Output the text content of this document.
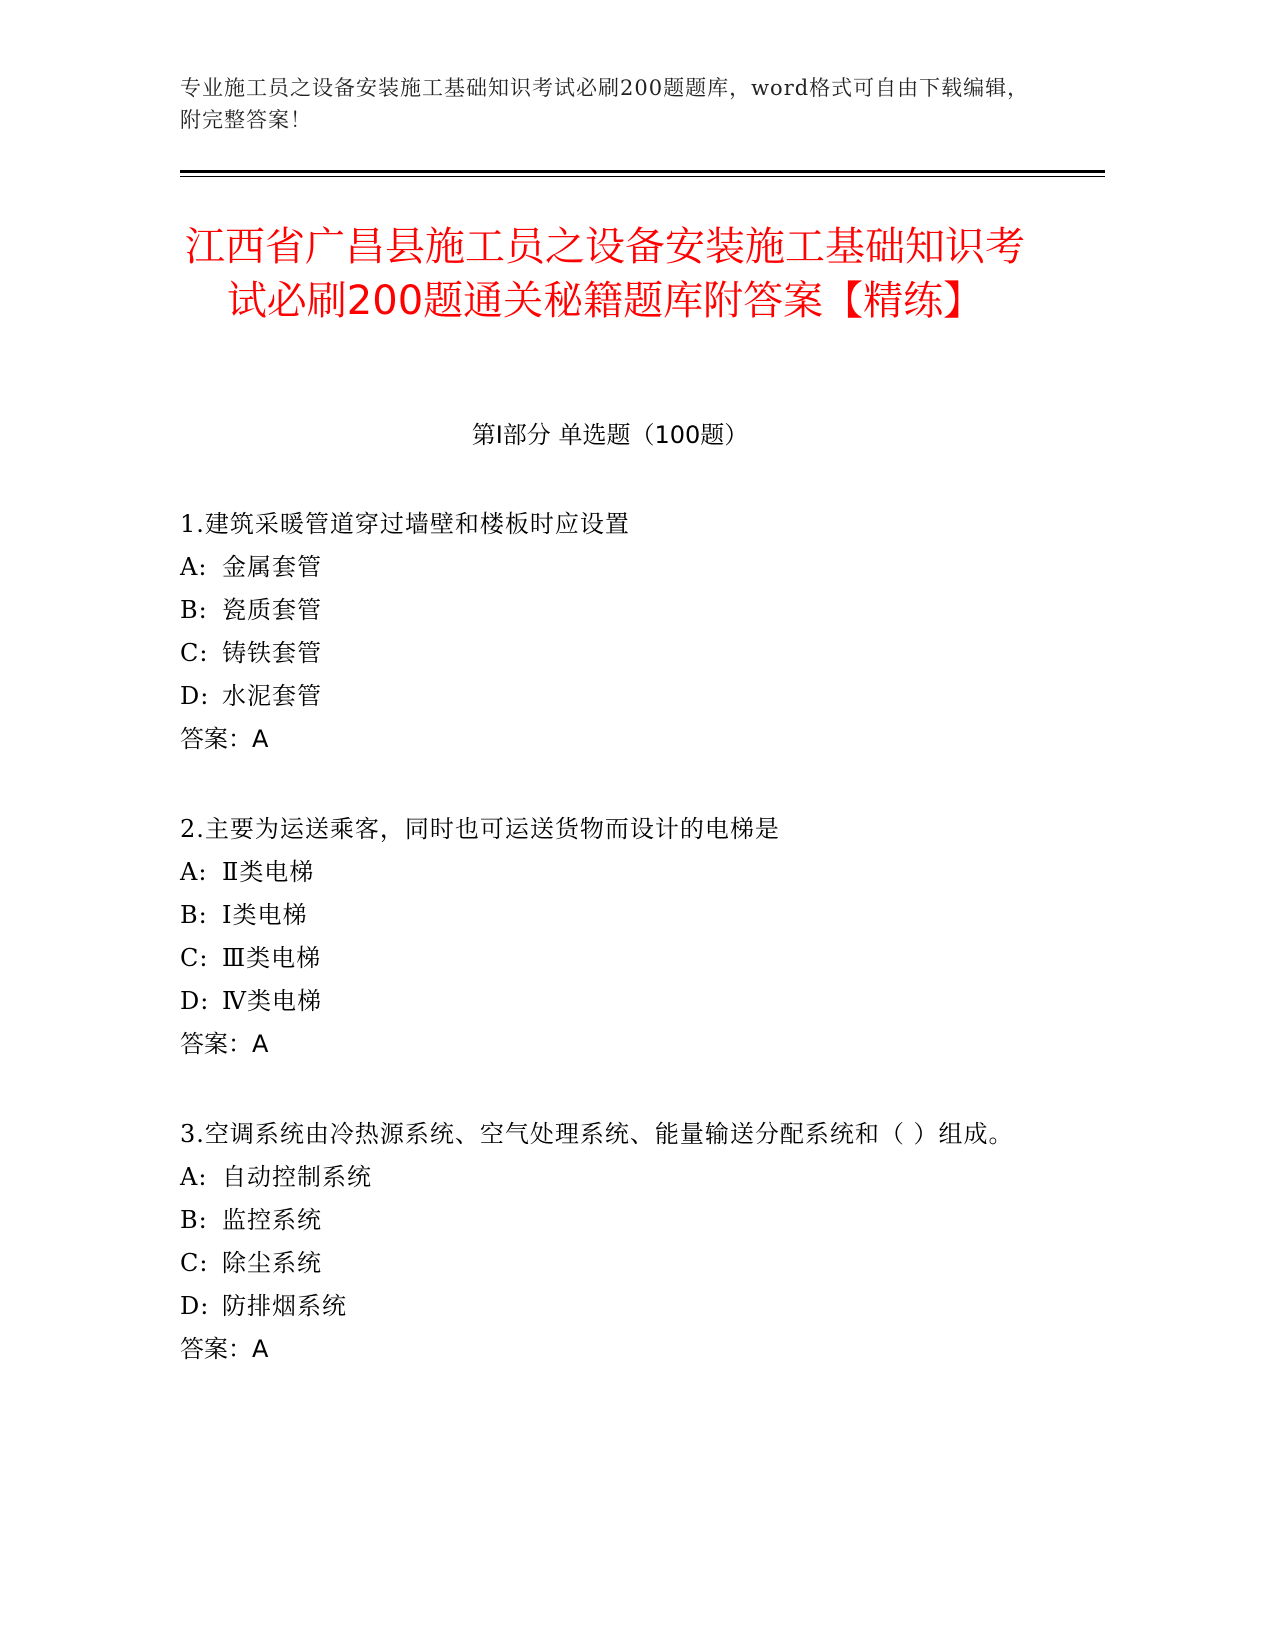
专业施工员之设备安装施工基础知识考试必刷200题题库，word格式可自由下载编辑，附完整答案！
江西省广昌县施工员之设备安装施工基础知识考试必刷200题通关秘籍题库附答案【精练】
第Ⅰ部分 单选题（100题）

1.建筑采暖管道穿过墙壁和楼板时应设置

A: 金属套管

B: 瓷质套管

C: 铸铁套管

D: 水泥套管

答案：A

2.主要为运送乘客，同时也可运送货物而设计的电梯是

A: Ⅱ类电梯

B: Ⅰ类电梯

C: Ⅲ类电梯

D: Ⅳ类电梯

答案：A

3.空调系统由冷热源系统、空气处理系统、能量输送分配系统和（ ）组成。

A: 自动控制系统

B: 监控系统

C: 除尘系统

D: 防排烟系统

答案：A
